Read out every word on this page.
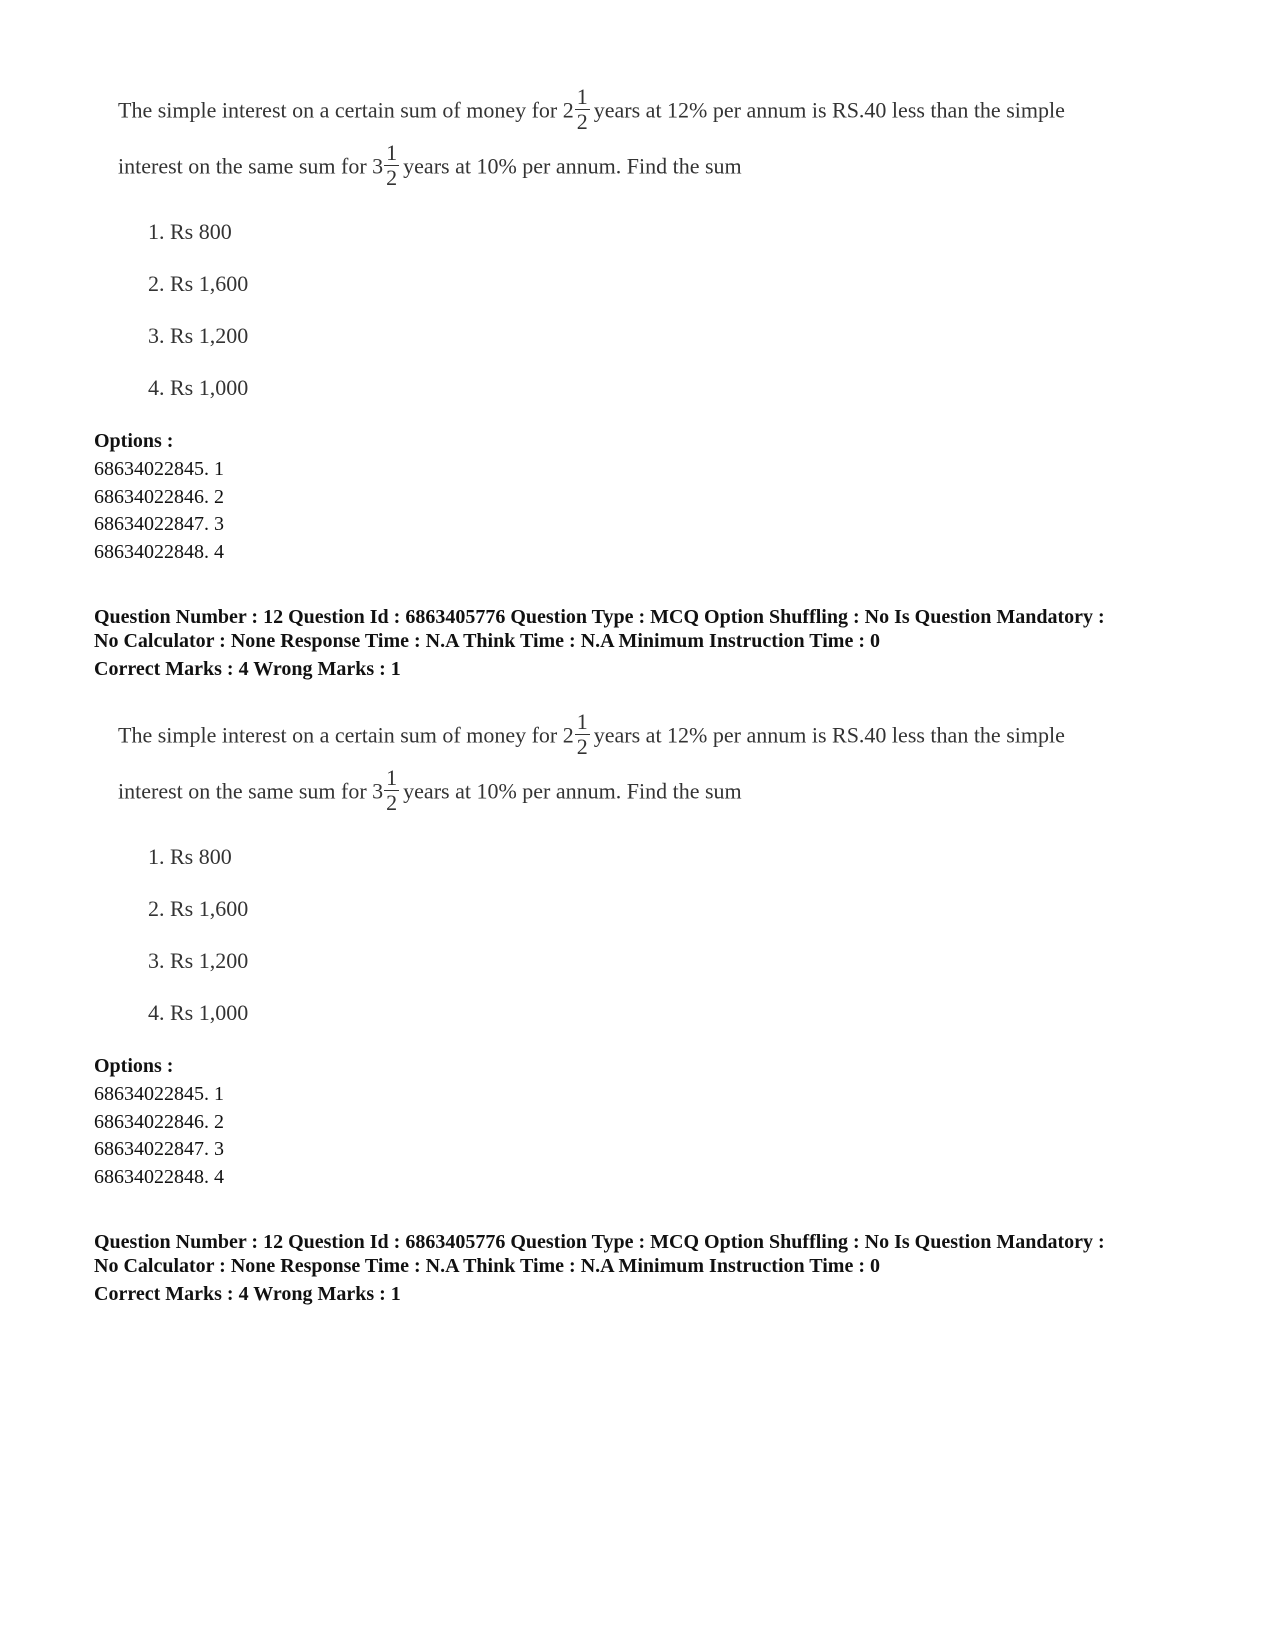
The simple interest on a certain sum of money for $2 \frac{1}{2}$ years at 12% per annum is RS.40 less than the simple
interest on the same sum for $3 \frac{1}{2}$ years at 10% per annum. Find the sum
1. Rs 800
2. Rs 1,600
3. Rs 1,200
4. Rs 1,000
Options :
68634022845. 1
68634022846. 2
68634022847. 3
68634022848. 4
Question Number : 12 Question Id : 6863405776 Question Type : MCQ Option Shuffling : No Is Question Mandatory :
No Calculator : None Response Time : N.A Think Time : N.A Minimum Instruction Time : 0
Correct Marks : 4 Wrong Marks : 1
The simple interest on a certain sum of money for $2 \frac{1}{2}$ years at 12% per annum is RS.40 less than the simple
interest on the same sum for $3 \frac{1}{2}$ years at 10% per annum. Find the sum
1. Rs 800
2. Rs 1,600
3. Rs 1,200
4. Rs 1,000
Options :
68634022845. 1
68634022846. 2
68634022847. 3
68634022848. 4
Question Number : 12 Question Id : 6863405776 Question Type : MCQ Option Shuffling : No Is Question Mandatory :
No Calculator : None Response Time : N.A Think Time : N.A Minimum Instruction Time : 0
Correct Marks : 4 Wrong Marks : 1
